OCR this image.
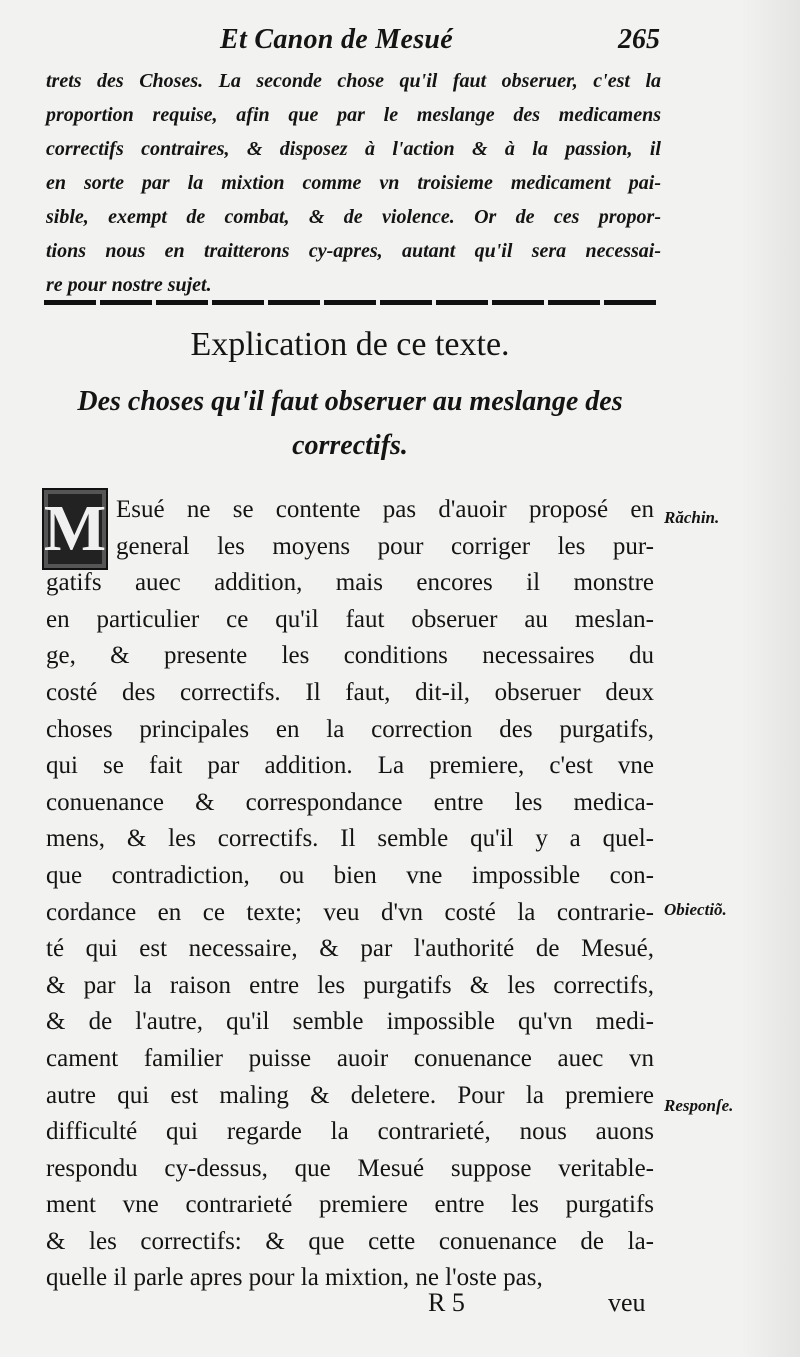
Et Canon de Mesué	265
trets des Choses. La seconde chose qu'il faut obseruer, c'est la
proportion requise, afin que par le meslange des medicamens
correctifs contraires, & disposez à l'action & à la passion, il
en sorte par la mixtion comme vn troisieme medicament pai-
sible, exempt de combat, & de violence. Or de ces propor-
tions nous en traitterons cy-apres, autant qu'il sera necessai-
re pour nostre sujet.
Explication de ce texte.
Des choses qu'il faut obseruer au meslange des
correctifs.
M Esué ne se contente pas d'auoir proposé en
general les moyens pour corriger les pur-
gatifs auec addition, mais encores il monstre
en particulier ce qu'il faut obseruer au meslan-
ge, & presente les conditions necessaires du
costé des correctifs. Il faut, dit-il, obseruer deux
choses principales en la correction des purgatifs,
qui se fait par addition. La premiere, c'est vne
conuenance & correspondance entre les medica-
mens, & les correctifs. Il semble qu'il y a quel-
que contradiction, ou bien vne impossible con-
cordance en ce texte; veu d'vn costé la contrarie-
té qui est necessaire, & par l'authorité de Mesué,
& par la raison entre les purgatifs & les correctifs,
& de l'autre, qu'il semble impossible qu'vn medi-
cament familier puisse auoir conuenance auec vn
autre qui est maling & deletere. Pour la premiere
difficulté qui regarde la contrarieté, nous auons
respondu cy-dessus, que Mesué suppose veritable-
ment vne contrarieté premiere entre les purgatifs
& les correctifs: & que cette conuenance de la-
quelle il parle apres pour la mixtion, ne l'oste pas,
Răchin.
Obiectiõ.
Responſe.
R 5	veu
